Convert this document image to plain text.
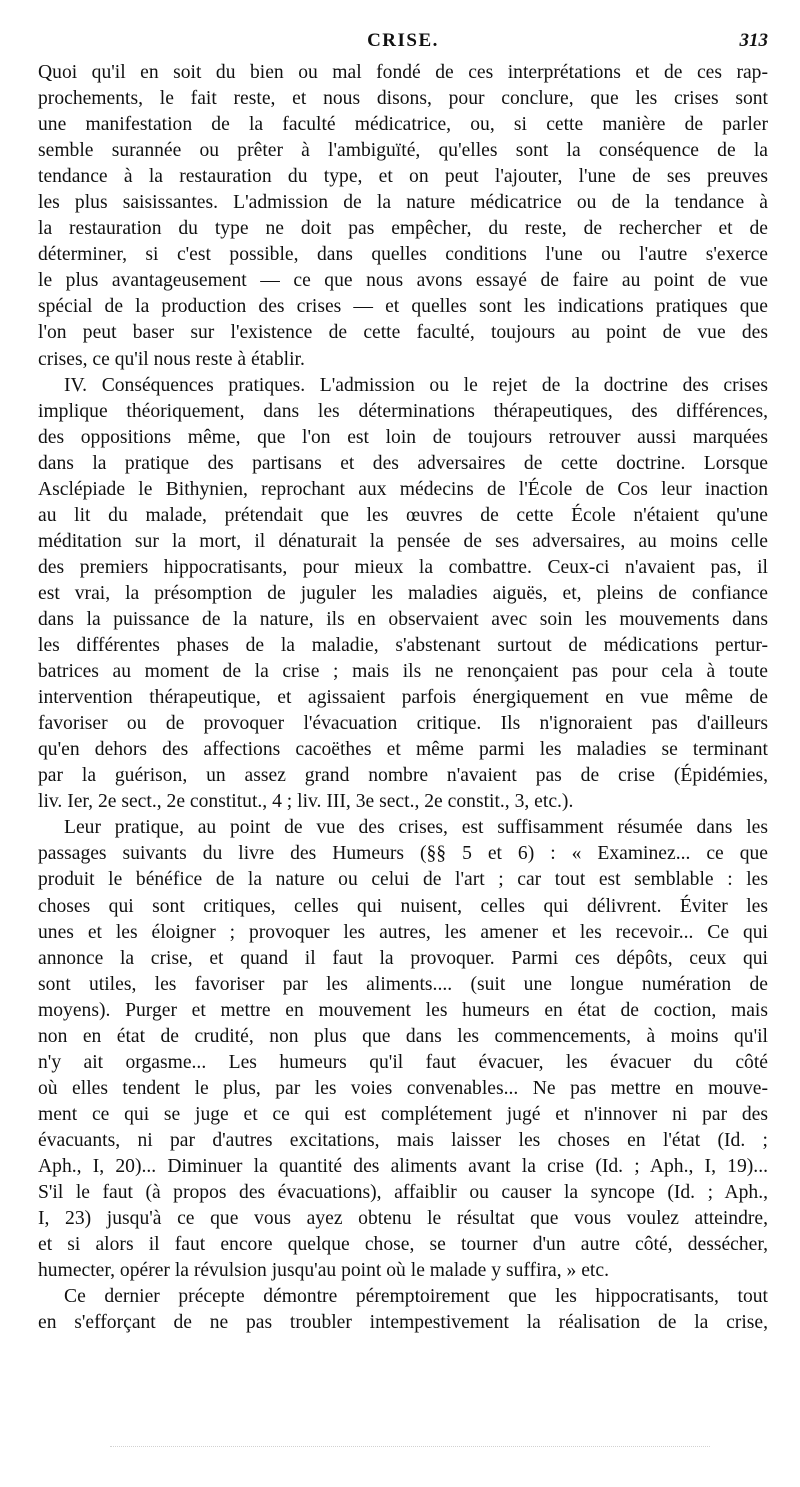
CRISE.	313
Quoi qu'il en soit du bien ou mal fondé de ces interprétations et de ces rap-
prochements, le fait reste, et nous disons, pour conclure, que les crises sont
une manifestation de la faculté médicatrice, ou, si cette manière de parler
semble surannée ou prêter à l'ambiguïté, qu'elles sont la conséquence de la
tendance à la restauration du type, et on peut l'ajouter, l'une de ses preuves
les plus saisissantes. L'admission de la nature médicatrice ou de la tendance à
la restauration du type ne doit pas empêcher, du reste, de rechercher et de
déterminer, si c'est possible, dans quelles conditions l'une ou l'autre s'exerce
le plus avantageusement — ce que nous avons essayé de faire au point de vue
spécial de la production des crises — et quelles sont les indications pratiques que
l'on peut baser sur l'existence de cette faculté, toujours au point de vue des
crises, ce qu'il nous reste à établir.
IV. Conséquences pratiques. L'admission ou le rejet de la doctrine des crises
implique théoriquement, dans les déterminations thérapeutiques, des différences,
des oppositions même, que l'on est loin de toujours retrouver aussi marquées
dans la pratique des partisans et des adversaires de cette doctrine. Lorsque
Asclépiade le Bithynien, reprochant aux médecins de l'École de Cos leur inaction
au lit du malade, prétendait que les œuvres de cette École n'étaient qu'une
méditation sur la mort, il dénaturait la pensée de ses adversaires, au moins celle
des premiers hippocratisants, pour mieux la combattre. Ceux-ci n'avaient pas, il
est vrai, la présomption de juguler les maladies aiguës, et, pleins de confiance
dans la puissance de la nature, ils en observaient avec soin les mouvements dans
les différentes phases de la maladie, s'abstenant surtout de médications pertur-
batrices au moment de la crise ; mais ils ne renonçaient pas pour cela à toute
intervention thérapeutique, et agissaient parfois énergiquement en vue même de
favoriser ou de provoquer l'évacuation critique. Ils n'ignoraient pas d'ailleurs
qu'en dehors des affections cacoëthes et même parmi les maladies se terminant
par la guérison, un assez grand nombre n'avaient pas de crise (Épidémies,
liv. Ier, 2e sect., 2e constitut., 4 ; liv. III, 3e sect., 2e constit., 3, etc.).
Leur pratique, au point de vue des crises, est suffisamment résumée dans les
passages suivants du livre des Humeurs (§§ 5 et 6) : « Examinez... ce que
produit le bénéfice de la nature ou celui de l'art ; car tout est semblable : les
choses qui sont critiques, celles qui nuisent, celles qui délivrent. Éviter les
unes et les éloigner ; provoquer les autres, les amener et les recevoir... Ce qui
annonce la crise, et quand il faut la provoquer. Parmi ces dépôts, ceux qui
sont utiles, les favoriser par les aliments.... (suit une longue numération de
moyens). Purger et mettre en mouvement les humeurs en état de coction, mais
non en état de crudité, non plus que dans les commencements, à moins qu'il
n'y ait orgasme... Les humeurs qu'il faut évacuer, les évacuer du côté
où elles tendent le plus, par les voies convenables... Ne pas mettre en mouve-
ment ce qui se juge et ce qui est complétement jugé et n'innover ni par des
évacuants, ni par d'autres excitations, mais laisser les choses en l'état (Id. ;
Aph., I, 20)... Diminuer la quantité des aliments avant la crise (Id. ; Aph., I, 19)...
S'il le faut (à propos des évacuations), affaiblir ou causer la syncope (Id. ; Aph.,
I, 23) jusqu'à ce que vous ayez obtenu le résultat que vous voulez atteindre,
et si alors il faut encore quelque chose, se tourner d'un autre côté, dessécher,
humecter, opérer la révulsion jusqu'au point où le malade y suffira, » etc.
Ce dernier précepte démontre péremptoirement que les hippocratisants, tout
en s'efforçant de ne pas troubler intempestivement la réalisation de la crise,
